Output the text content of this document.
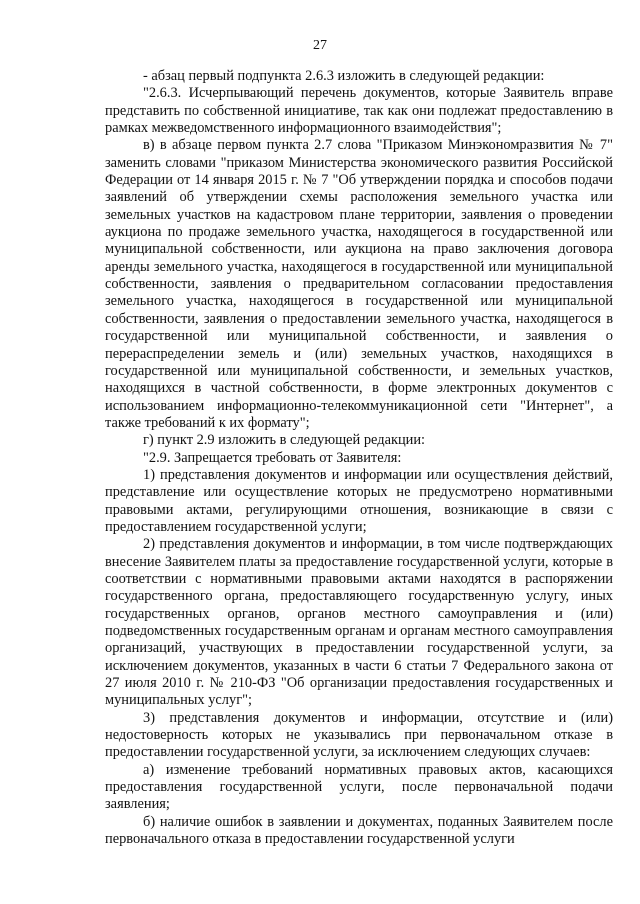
27

- абзац первый подпункта 2.6.3 изложить в следующей редакции:

"2.6.3. Исчерпывающий перечень документов, которые Заявитель вправе представить по собственной инициативе, так как они подлежат предоставлению в рамках межведомственного информационного взаимодействия";

в) в абзаце первом пункта 2.7 слова "Приказом Минэкономразвития № 7" заменить словами "приказом Министерства экономического развития Российской Федерации от 14 января 2015 г. № 7 "Об утверждении порядка и способов подачи заявлений об утверждении схемы расположения земельного участка или земельных участков на кадастровом плане территории, заявления о проведении аукциона по продаже земельного участка, находящегося в государственной или муниципальной собственности, или аукциона на право заключения договора аренды земельного участка, находящегося в государственной или муниципальной собственности, заявления о предварительном согласовании предоставления земельного участка, находящегося в государственной или муниципальной собственности, заявления о предоставлении земельного участка, находящегося в государственной или муниципальной собственности, и заявления о перераспределении земель и (или) земельных участков, находящихся в государственной или муниципальной собственности, и земельных участков, находящихся в частной собственности, в форме электронных документов с использованием информационно-телекоммуникационной сети "Интернет", а также требований к их формату";

г) пункт 2.9 изложить в следующей редакции:

"2.9. Запрещается требовать от Заявителя:

1) представления документов и информации или осуществления действий, представление или осуществление которых не предусмотрено нормативными правовыми актами, регулирующими отношения, возникающие в связи с предоставлением государственной услуги;

2) представления документов и информации, в том числе подтверждающих внесение Заявителем платы за предоставление государственной услуги, которые в соответствии с нормативными правовыми актами находятся в распоряжении государственного органа, предоставляющего государственную услугу, иных государственных органов, органов местного самоуправления и (или) подведомственных государственным органам и органам местного самоуправления организаций, участвующих в предоставлении государственной услуги, за исключением документов, указанных в части 6 статьи 7 Федерального закона от 27 июля 2010 г. № 210-ФЗ "Об организации предоставления государственных и муниципальных услуг";

3) представления документов и информации, отсутствие и (или) недостоверность которых не указывались при первоначальном отказе в предоставлении государственной услуги, за исключением следующих случаев:

а) изменение требований нормативных правовых актов, касающихся предоставления государственной услуги, после первоначальной подачи заявления;

б) наличие ошибок в заявлении и документах, поданных Заявителем после первоначального отказа в предоставлении государственной услуги
